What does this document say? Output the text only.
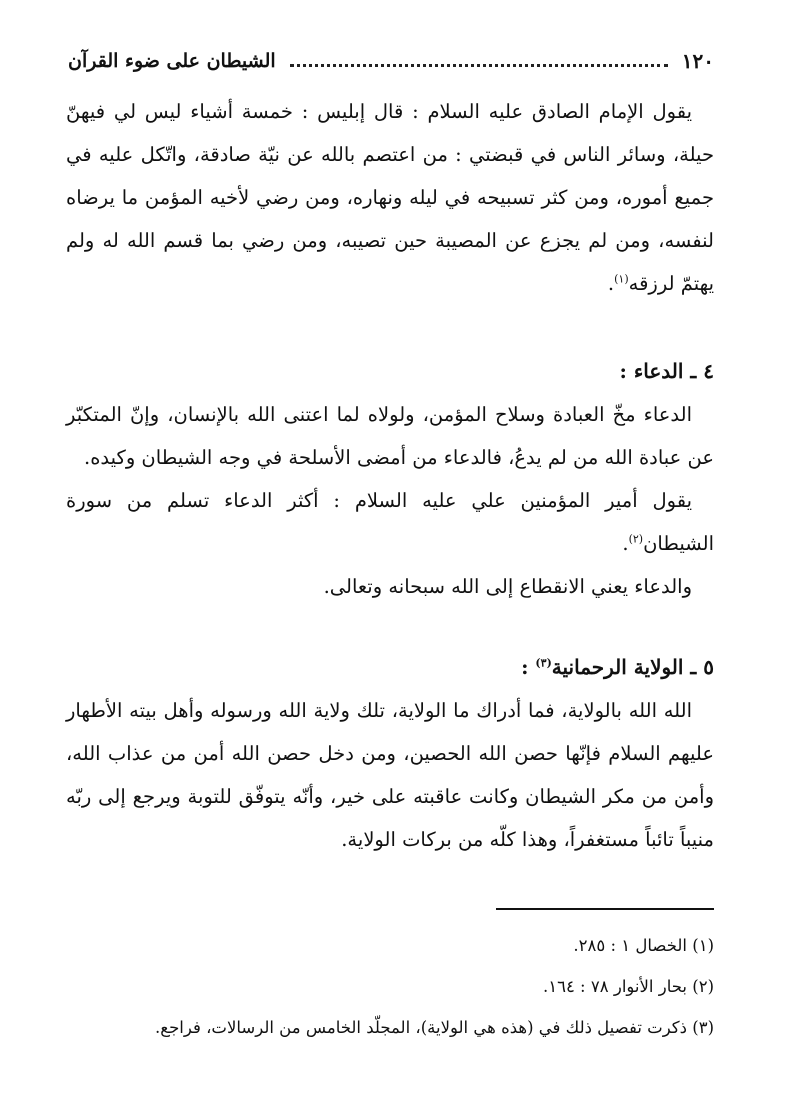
١٢٠
الشيطان على ضوء القرآن

يقول الإمام الصادق عليه السلام : قال إبليس : خمسة أشياء ليس لي فيهنّ حيلة، وسائر الناس في قبضتي : من اعتصم بالله عن نيّة صادقة، واتّكل عليه في جميع أموره، ومن كثر تسبيحه في ليله ونهاره، ومن رضي لأخيه المؤمن ما يرضاه لنفسه، ومن لم يجزع عن المصيبة حين تصيبه، ومن رضي بما قسم الله له ولم يهتمّ لرزقه$^{(١)}$.

٤ ـ الدعاء :

الدعاء مخّ العبادة وسلاح المؤمن، ولولاه لما اعتنى الله بالإنسان، وإنّ المتكبّر عن عبادة الله من لم يدعُ، فالدعاء من أمضى الأسلحة في وجه الشيطان وكيده.

يقول أمير المؤمنين علي عليه السلام : أكثر الدعاء تسلم من سورة الشيطان$^{(٢)}$.

والدعاء يعني الانقطاع إلى الله سبحانه وتعالى.

٥ ـ الولاية الرحمانية$^{(٣)}$ :

الله الله بالولاية، فما أدراك ما الولاية، تلك ولاية الله ورسوله وأهل بيته الأطهار عليهم السلام فإنّها حصن الله الحصين، ومن دخل حصن الله أمن من عذاب الله، وأمن من مكر الشيطان وكانت عاقبته على خير، وأنّه يتوفّق للتوبة ويرجع إلى ربّه منيباً تائباً مستغفراً، وهذا كلّه من بركات الولاية.

(١) الخصال ١ : ٢٨٥.

(٢) بحار الأنوار ٧٨ : ١٦٤.

(٣) ذكرت تفصيل ذلك في (هذه هي الولاية)، المجلّد الخامس من الرسالات، فراجع.
